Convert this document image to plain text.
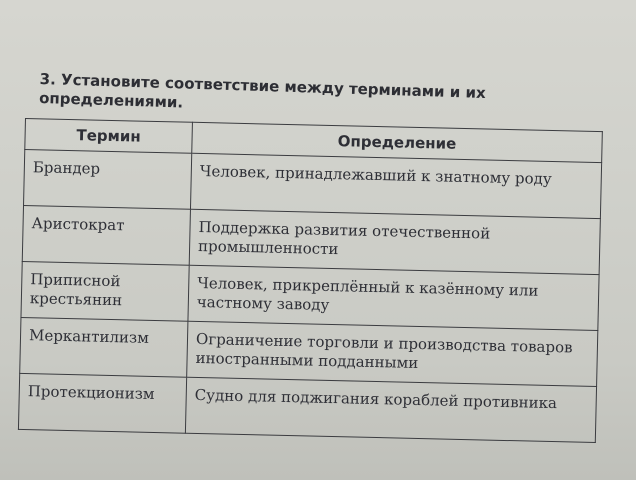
3. Установите соответствие между терминами и их определениями.
Термин	Определение
Брандер	Человек, принадлежавший к знатному роду
Аристократ	Поддержка развития отечественной промышленности
Приписной крестьянин	Человек, прикреплённый к казённому или частному заводу
Меркантилизм	Ограничение торговли и производства товаров иностранными подданными
Протекционизм	Судно для поджигания кораблей противника
